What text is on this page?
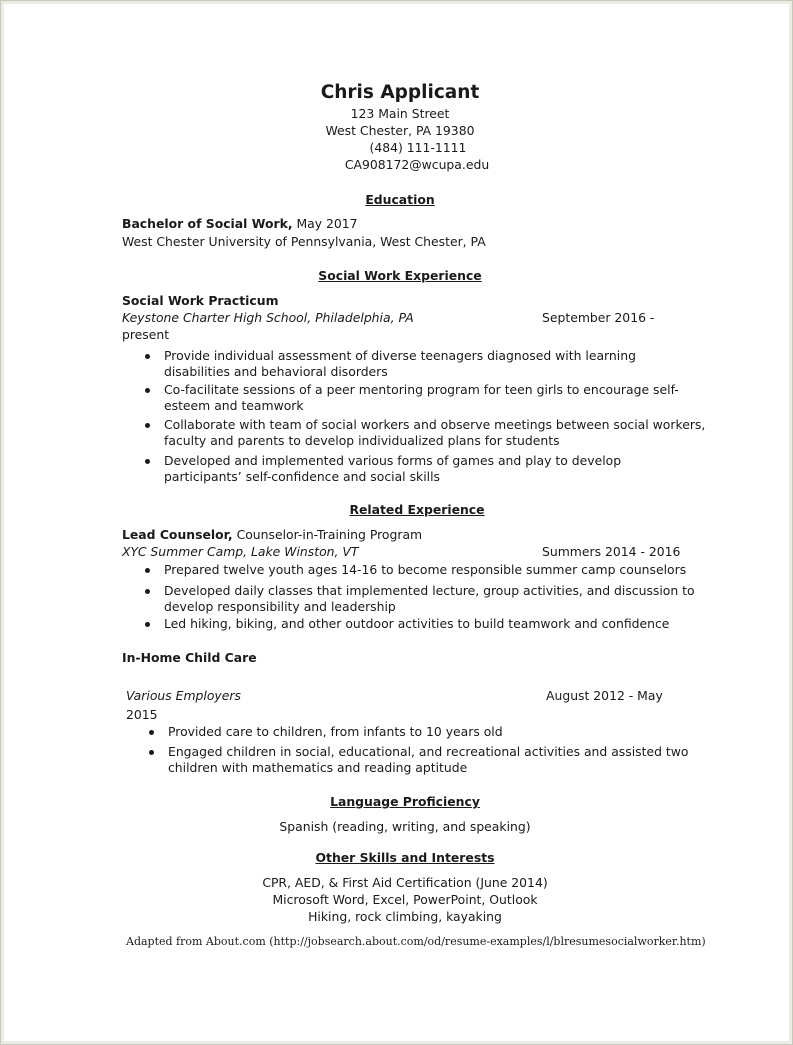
Chris Applicant
123 Main Street
West Chester, PA 19380
(484) 111-1111
CA908172@wcupa.edu
Education
Bachelor of Social Work, May 2017
West Chester University of Pennsylvania, West Chester, PA
Social Work Experience
Social Work Practicum
Keystone Charter High School, Philadelphia, PA	September 2016 -
present
Provide individual assessment of diverse teenagers diagnosed with learning
disabilities and behavioral disorders
Co-facilitate sessions of a peer mentoring program for teen girls to encourage self-
esteem and teamwork
Collaborate with team of social workers and observe meetings between social workers,
faculty and parents to develop individualized plans for students
Developed and implemented various forms of games and play to develop
participants’ self-confidence and social skills
Related Experience
Lead Counselor, Counselor-in-Training Program
XYC Summer Camp, Lake Winston, VT	Summers 2014 - 2016
Prepared twelve youth ages 14-16 to become responsible summer camp counselors
Developed daily classes that implemented lecture, group activities, and discussion to
develop responsibility and leadership
Led hiking, biking, and other outdoor activities to build teamwork and confidence
In-Home Child Care
Various Employers	August 2012 - May
2015
Provided care to children, from infants to 10 years old
Engaged children in social, educational, and recreational activities and assisted two
children with mathematics and reading aptitude
Language Proficiency
Spanish (reading, writing, and speaking)
Other Skills and Interests
CPR, AED, & First Aid Certification (June 2014)
Microsoft Word, Excel, PowerPoint, Outlook
Hiking, rock climbing, kayaking
Adapted from About.com (http://jobsearch.about.com/od/resume-examples/l/blresumesocialworker.htm)
